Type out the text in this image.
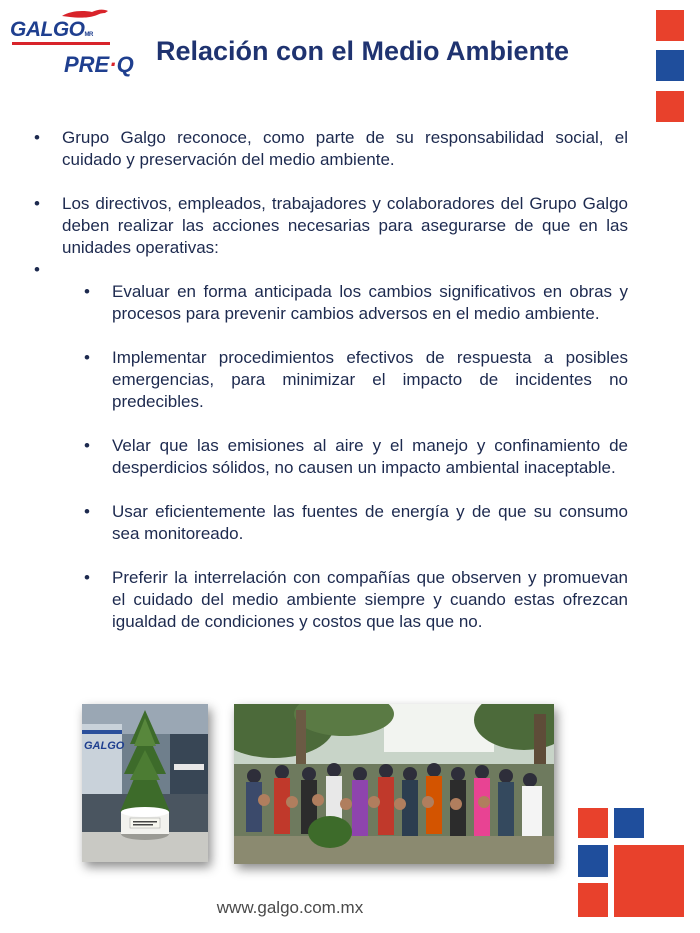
GALGOMR
PRE·Q Relación con el Medio Ambiente
•	Grupo Galgo reconoce, como parte de su responsabilidad social, el cuidado y preservación del medio ambiente.
•	Los directivos, empleados, trabajadores y colaboradores del Grupo Galgo deben realizar las acciones necesarias para asegurarse de que en las unidades operativas:
•
•	Evaluar en forma anticipada los cambios significativos en obras y procesos para prevenir cambios adversos en el medio ambiente.
•	Implementar procedimientos efectivos de respuesta a posibles emergencias, para minimizar el impacto de incidentes no predecibles.
•	Velar que las emisiones al aire y el manejo y confinamiento de desperdicios sólidos, no causen un impacto ambiental inaceptable.
•	Usar eficientemente las fuentes de energía y de que su consumo sea monitoreado.
•	Preferir la interrelación con compañías que observen y promuevan el cuidado del medio ambiente siempre y cuando estas ofrezcan igualdad de condiciones y costos que las que no.
GALGO
www.galgo.com.mx
